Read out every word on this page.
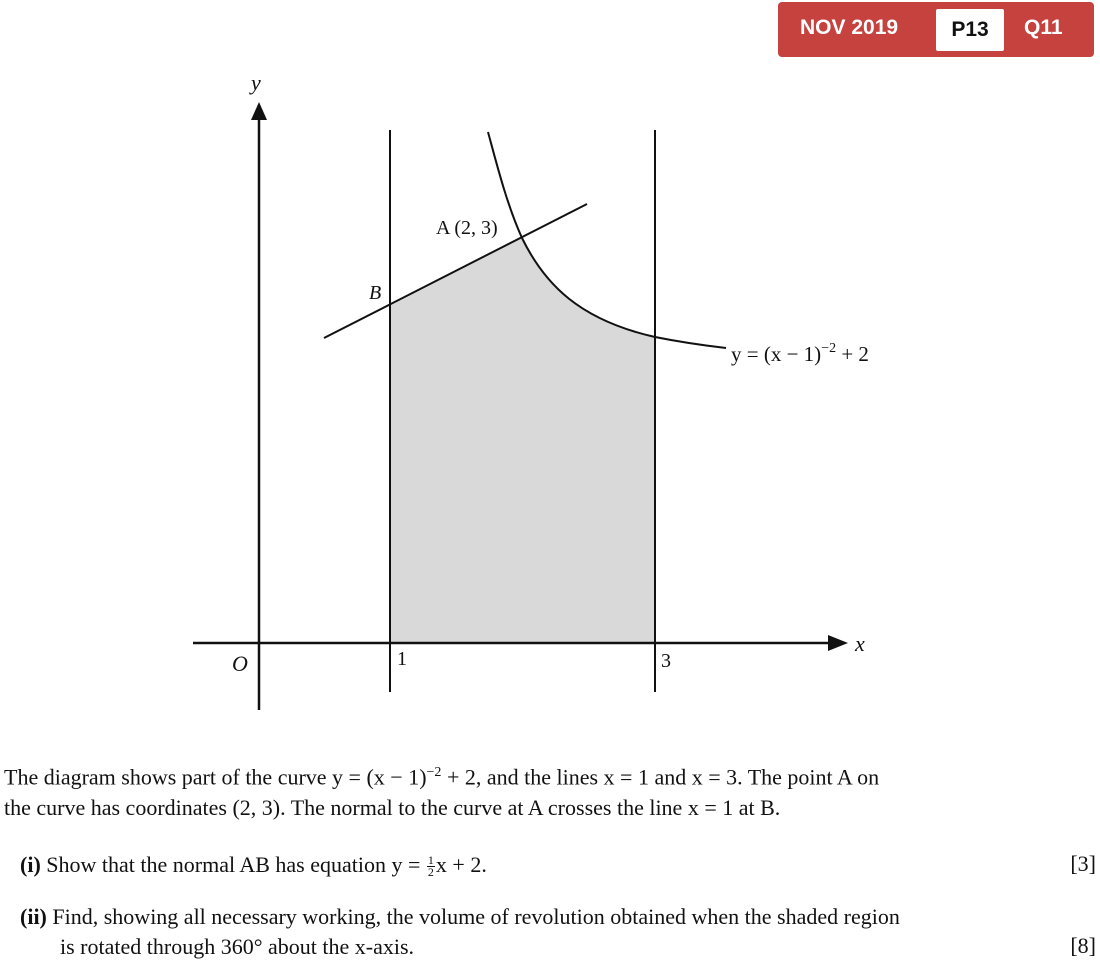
NOV 2019	P13	Q11
y
x
O	1	3
A (2, 3)
B
$y = (x - 1)^{-2} + 2$

The diagram shows part of the curve $y = (x - 1)^{-2} + 2$, and the lines x = 1 and x = 3. The point A on

the curve has coordinates (2, 3). The normal to the curve at A crosses the line x = 1 at B.

(i) Show that the normal AB has equation $y = \frac{1}{2}$ x + 2.	[3]
(ii) Find, showing all necessary working, the volume of revolution obtained when the shaded region
is rotated through 360° about the x-axis.	[8]
